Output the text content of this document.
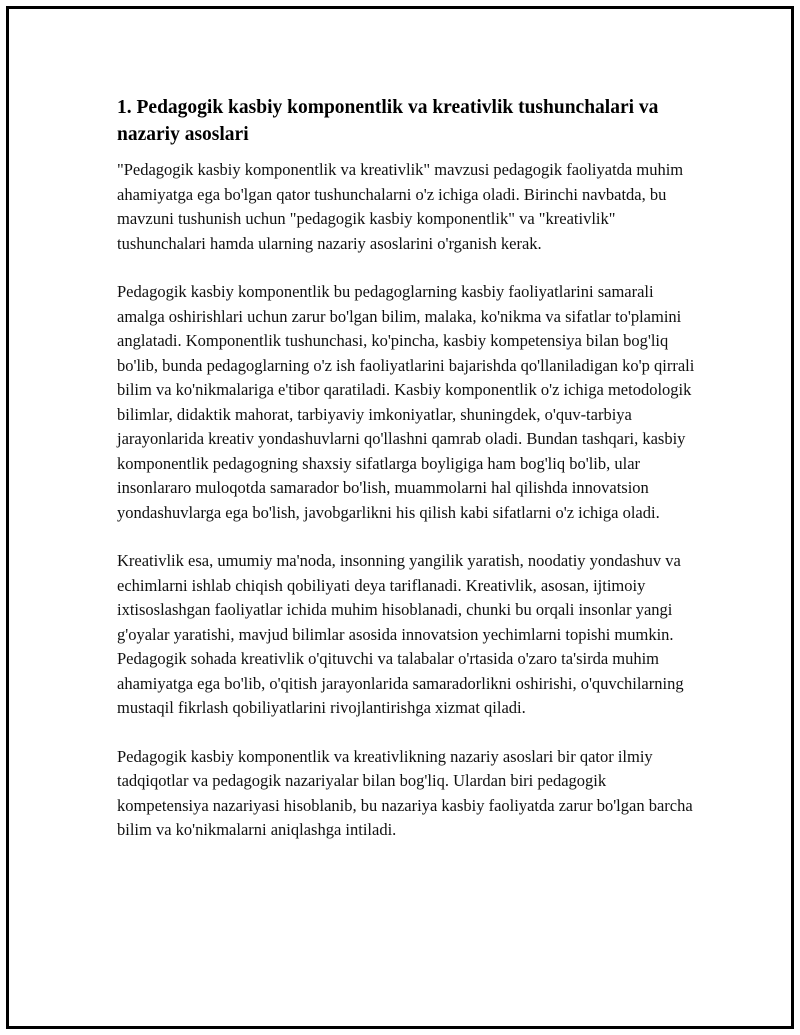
1. Pedagogik kasbiy komponentlik va kreativlik tushunchalari va nazariy asoslari

"Pedagogik kasbiy komponentlik va kreativlik" mavzusi pedagogik faoliyatda muhim ahamiyatga ega bo'lgan qator tushunchalarni o'z ichiga oladi. Birinchi navbatda, bu mavzuni tushunish uchun "pedagogik kasbiy komponentlik" va "kreativlik" tushunchalari hamda ularning nazariy asoslarini o'rganish kerak.

Pedagogik kasbiy komponentlik bu pedagoglarning kasbiy faoliyatlarini samarali amalga oshirishlari uchun zarur bo'lgan bilim, malaka, ko'nikma va sifatlar to'plamini anglatadi. Komponentlik tushunchasi, ko'pincha, kasbiy kompetensiya bilan bog'liq bo'lib, bunda pedagoglarning o'z ish faoliyatlarini bajarishda qo'llaniladigan ko'p qirrali bilim va ko'nikmalariga e'tibor qaratiladi. Kasbiy komponentlik o'z ichiga metodologik bilimlar, didaktik mahorat, tarbiyaviy imkoniyatlar, shuningdek, o'quv-tarbiya jarayonlarida kreativ yondashuvlarni qo'llashni qamrab oladi. Bundan tashqari, kasbiy komponentlik pedagogning shaxsiy sifatlarga boyligiga ham bog'liq bo'lib, ular insonlararo muloqotda samarador bo'lish, muammolarni hal qilishda innovatsion yondashuvlarga ega bo'lish, javobgarlikni his qilish kabi sifatlarni o'z ichiga oladi.

Kreativlik esa, umumiy ma'noda, insonning yangilik yaratish, noodatiy yondashuv va echimlarni ishlab chiqish qobiliyati deya tariflanadi. Kreativlik, asosan, ijtimoiy ixtisoslashgan faoliyatlar ichida muhim hisoblanadi, chunki bu orqali insonlar yangi g'oyalar yaratishi, mavjud bilimlar asosida innovatsion yechimlarni topishi mumkin. Pedagogik sohada kreativlik o'qituvchi va talabalar o'rtasida o'zaro ta'sirda muhim ahamiyatga ega bo'lib, o'qitish jarayonlarida samaradorlikni oshirishi, o'quvchilarning mustaqil fikrlash qobiliyatlarini rivojlantirishga xizmat qiladi.

Pedagogik kasbiy komponentlik va kreativlikning nazariy asoslari bir qator ilmiy tadqiqotlar va pedagogik nazariyalar bilan bog'liq. Ulardan biri pedagogik kompetensiya nazariyasi hisoblanib, bu nazariya kasbiy faoliyatda zarur bo'lgan barcha bilim va ko'nikmalarni aniqlashga intiladi.
